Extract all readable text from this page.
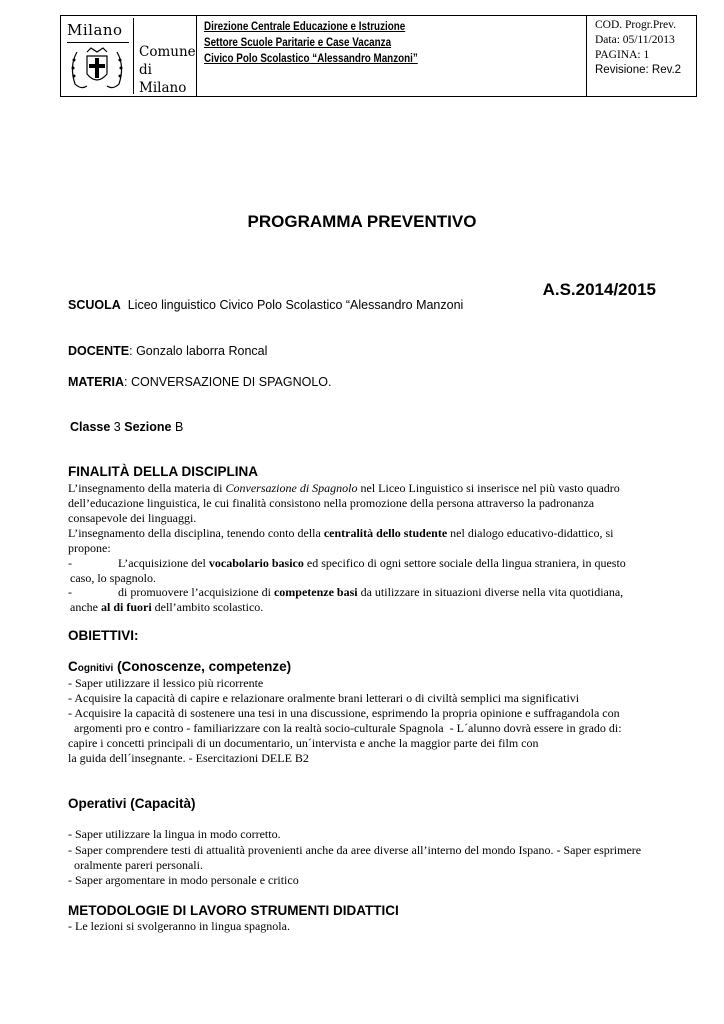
Milano
Comune
di Milano
Direzione Centrale Educazione e Istruzione
Settore Scuole Paritarie e Case Vacanza
Civico Polo Scolastico “Alessandro Manzoni”
COD. Progr.Prev.
Data: 05/11/2013
PAGINA: 1
Revisione: Rev.2
PROGRAMMA PREVENTIVO
A.S.2014/2015
SCUOLA Liceo linguistico Civico Polo Scolastico “Alessandro Manzoni
DOCENTE: Gonzalo laborra Roncal
MATERIA: CONVERSAZIONE DI SPAGNOLO.
Classe 3 Sezione B
FINALITÀ DELLA DISCIPLINA
L’insegnamento della materia di Conversazione di Spagnolo nel Liceo Linguistico si inserisce nel più vasto quadro dell’educazione linguistica, le cui finalità consistono nella promozione della persona attraverso la padronanza consapevole dei linguaggi.
L’insegnamento della disciplina, tenendo conto della centralità dello studente nel dialogo educativo-didattico, si propone:
-	L’acquisizione del vocabolario basico ed specifico di ogni settore sociale della lingua straniera, in questo
caso, lo spagnolo.
-	di promuovere l’acquisizione di competenze basi da utilizzare in situazioni diverse nella vita quotidiana,
anche al di fuori dell’ambito scolastico.
OBIETTIVI:
Cognitivi (Conoscenze, competenze)
- Saper utilizzare il lessico più ricorrente
- Acquisire la capacità di capire e relazionare oralmente brani letterari o di civiltà semplici ma significativi
- Acquisire la capacità di sostenere una tesi in una discussione, esprimendo la propria opinione e suffragandola con
argomenti pro e contro - familiarizzare con la realtà socio-culturale Spagnola  - L´alunno dovrà essere in grado di:
capire i concetti principali di un documentario, un´intervista e anche la maggior parte dei film con
la guida dell´insegnante. - Esercitazioni DELE B2
Operativi (Capacità)
- Saper utilizzare la lingua in modo corretto.
- Saper comprendere testi di attualità provenienti anche da aree diverse all’interno del mondo Ispano. - Saper esprimere
oralmente pareri personali.
- Saper argomentare in modo personale e critico
METODOLOGIE DI LAVORO STRUMENTI DIDATTICI
- Le lezioni si svolgeranno in lingua spagnola.
